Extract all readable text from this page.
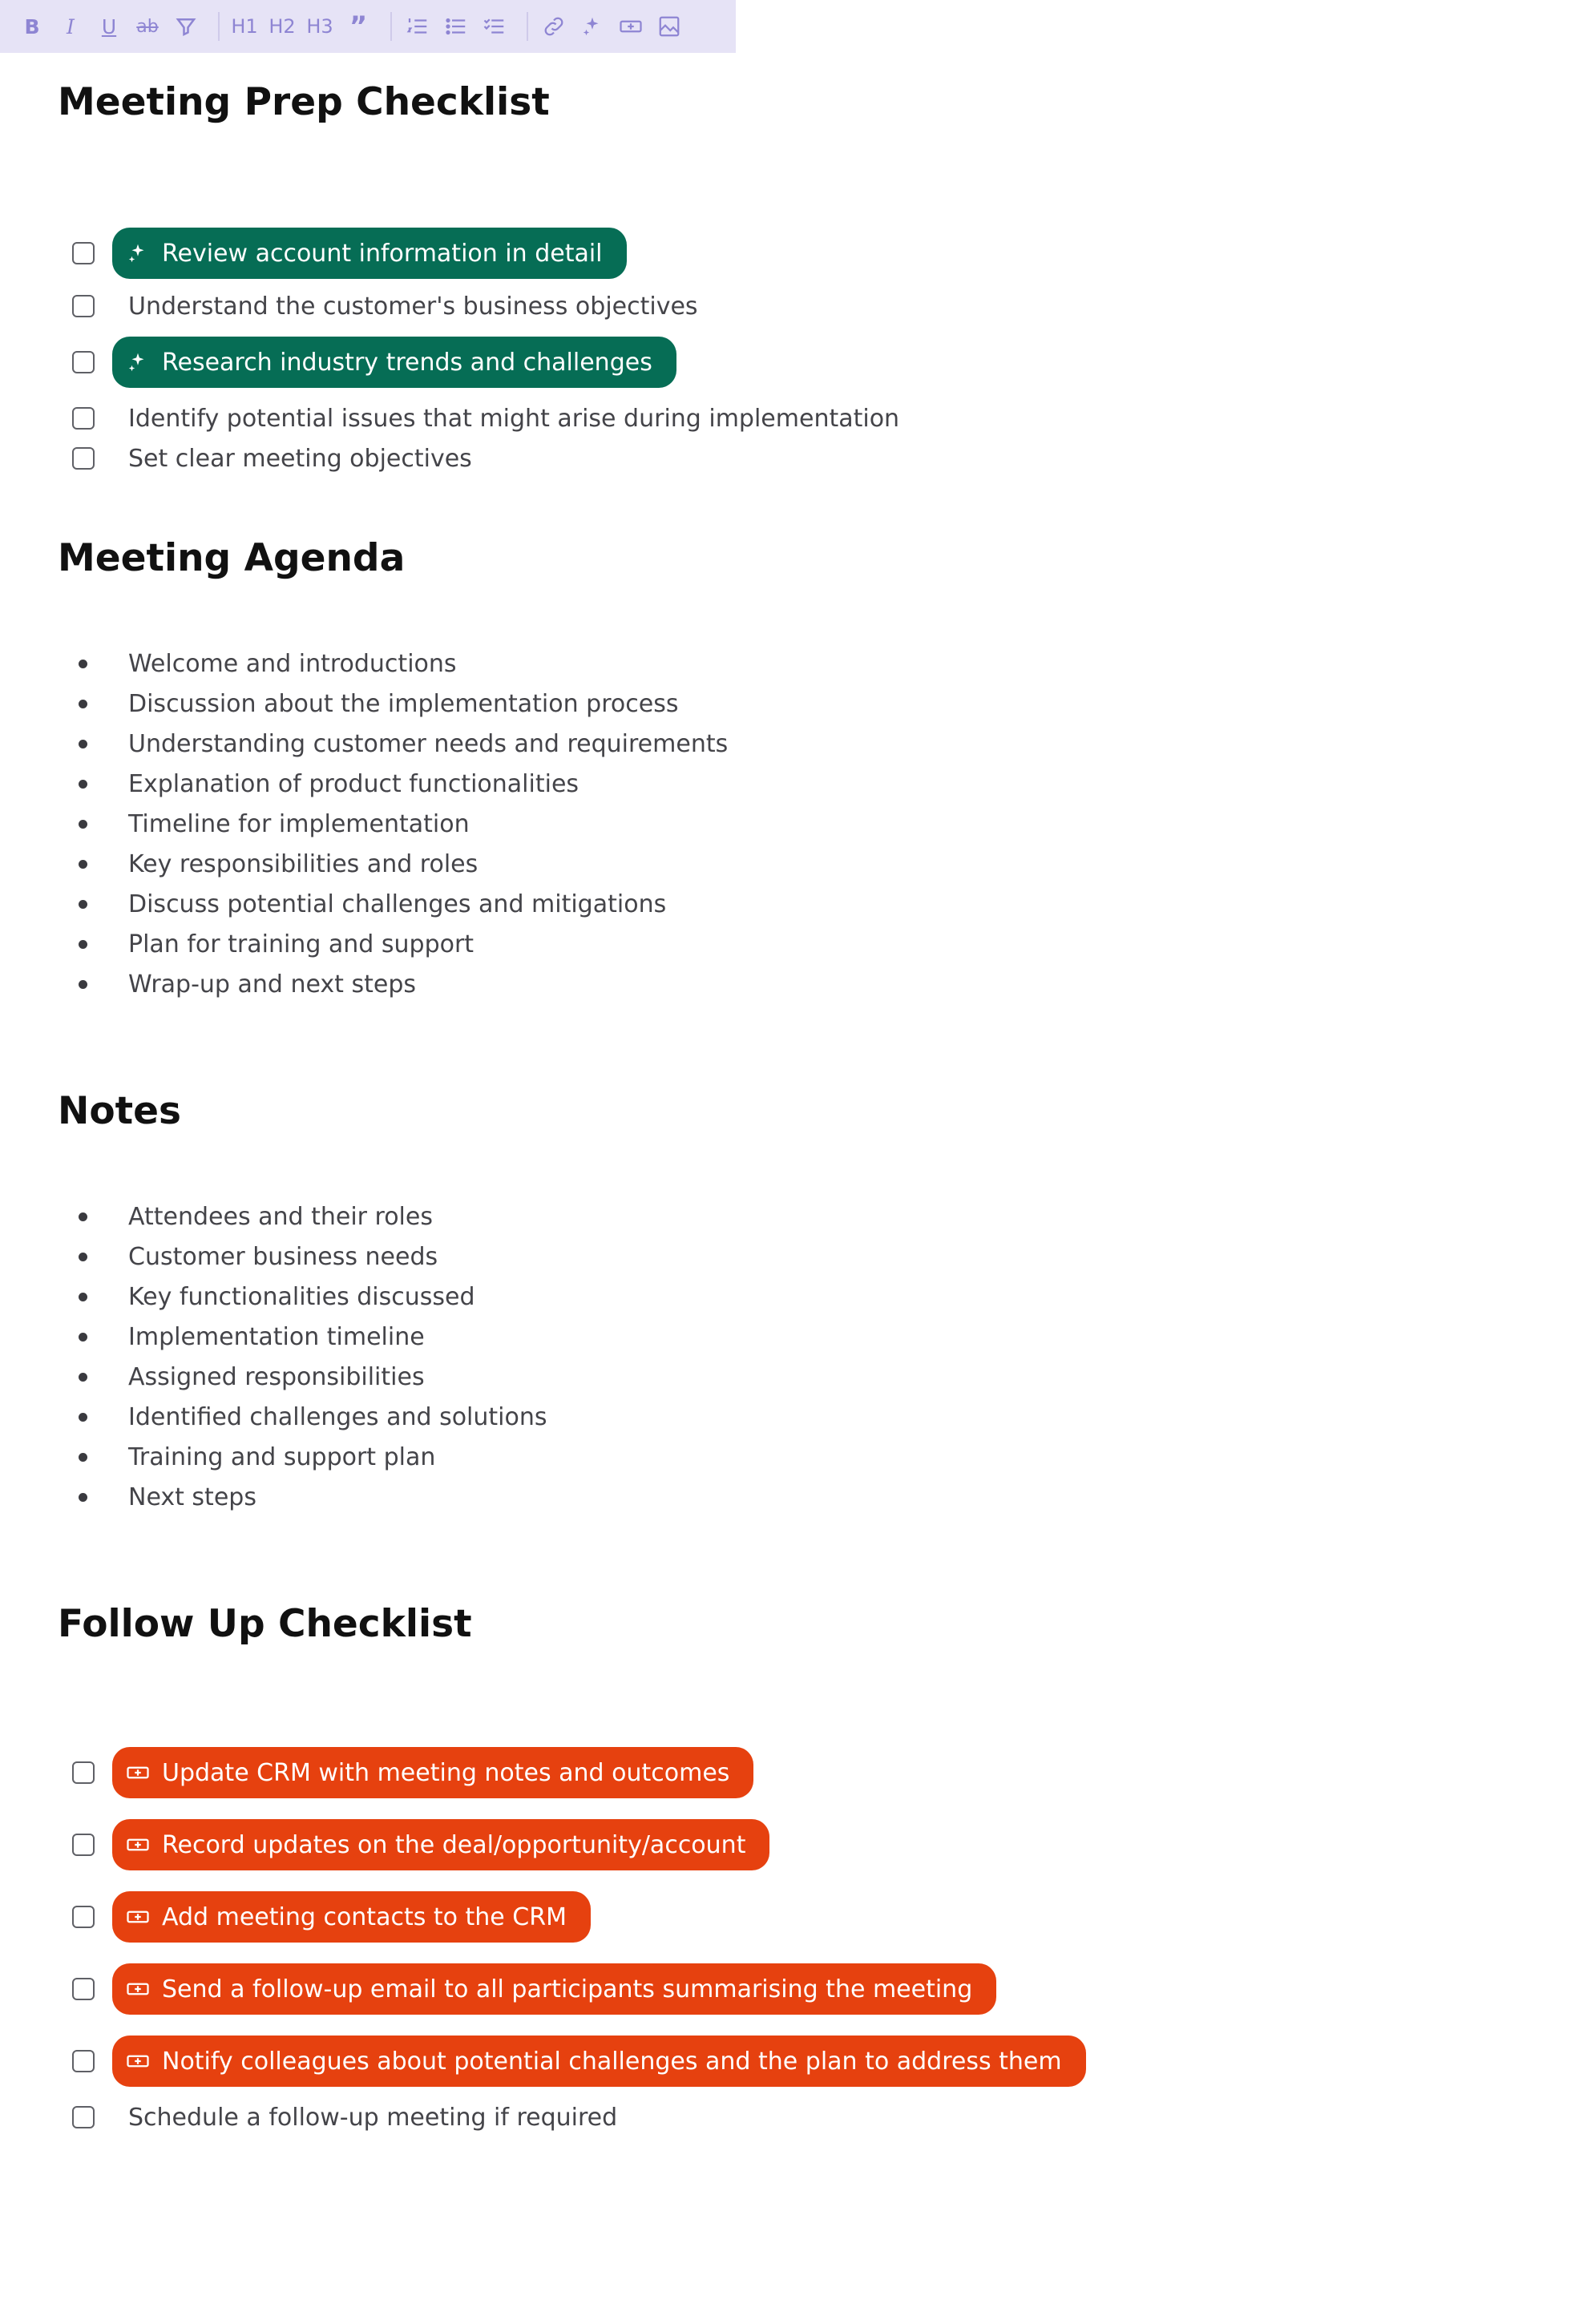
B	I	U	ab	H1 H2 H3 ”
Meeting Prep Checklist
Review account information in detail
Understand the customer's business objectives
Research industry trends and challenges
Identify potential issues that might arise during implementation
Set clear meeting objectives
Meeting Agenda
Welcome and introductions
Discussion about the implementation process
Understanding customer needs and requirements
Explanation of product functionalities
Timeline for implementation
Key responsibilities and roles
Discuss potential challenges and mitigations
Plan for training and support
Wrap-up and next steps
Notes
Attendees and their roles
Customer business needs
Key functionalities discussed
Implementation timeline
Assigned responsibilities
Identified challenges and solutions
Training and support plan
Next steps
Follow Up Checklist
Update CRM with meeting notes and outcomes
Record updates on the deal/opportunity/account
Add meeting contacts to the CRM
Send a follow-up email to all participants summarising the meeting
Notify colleagues about potential challenges and the plan to address them
Schedule a follow-up meeting if required
